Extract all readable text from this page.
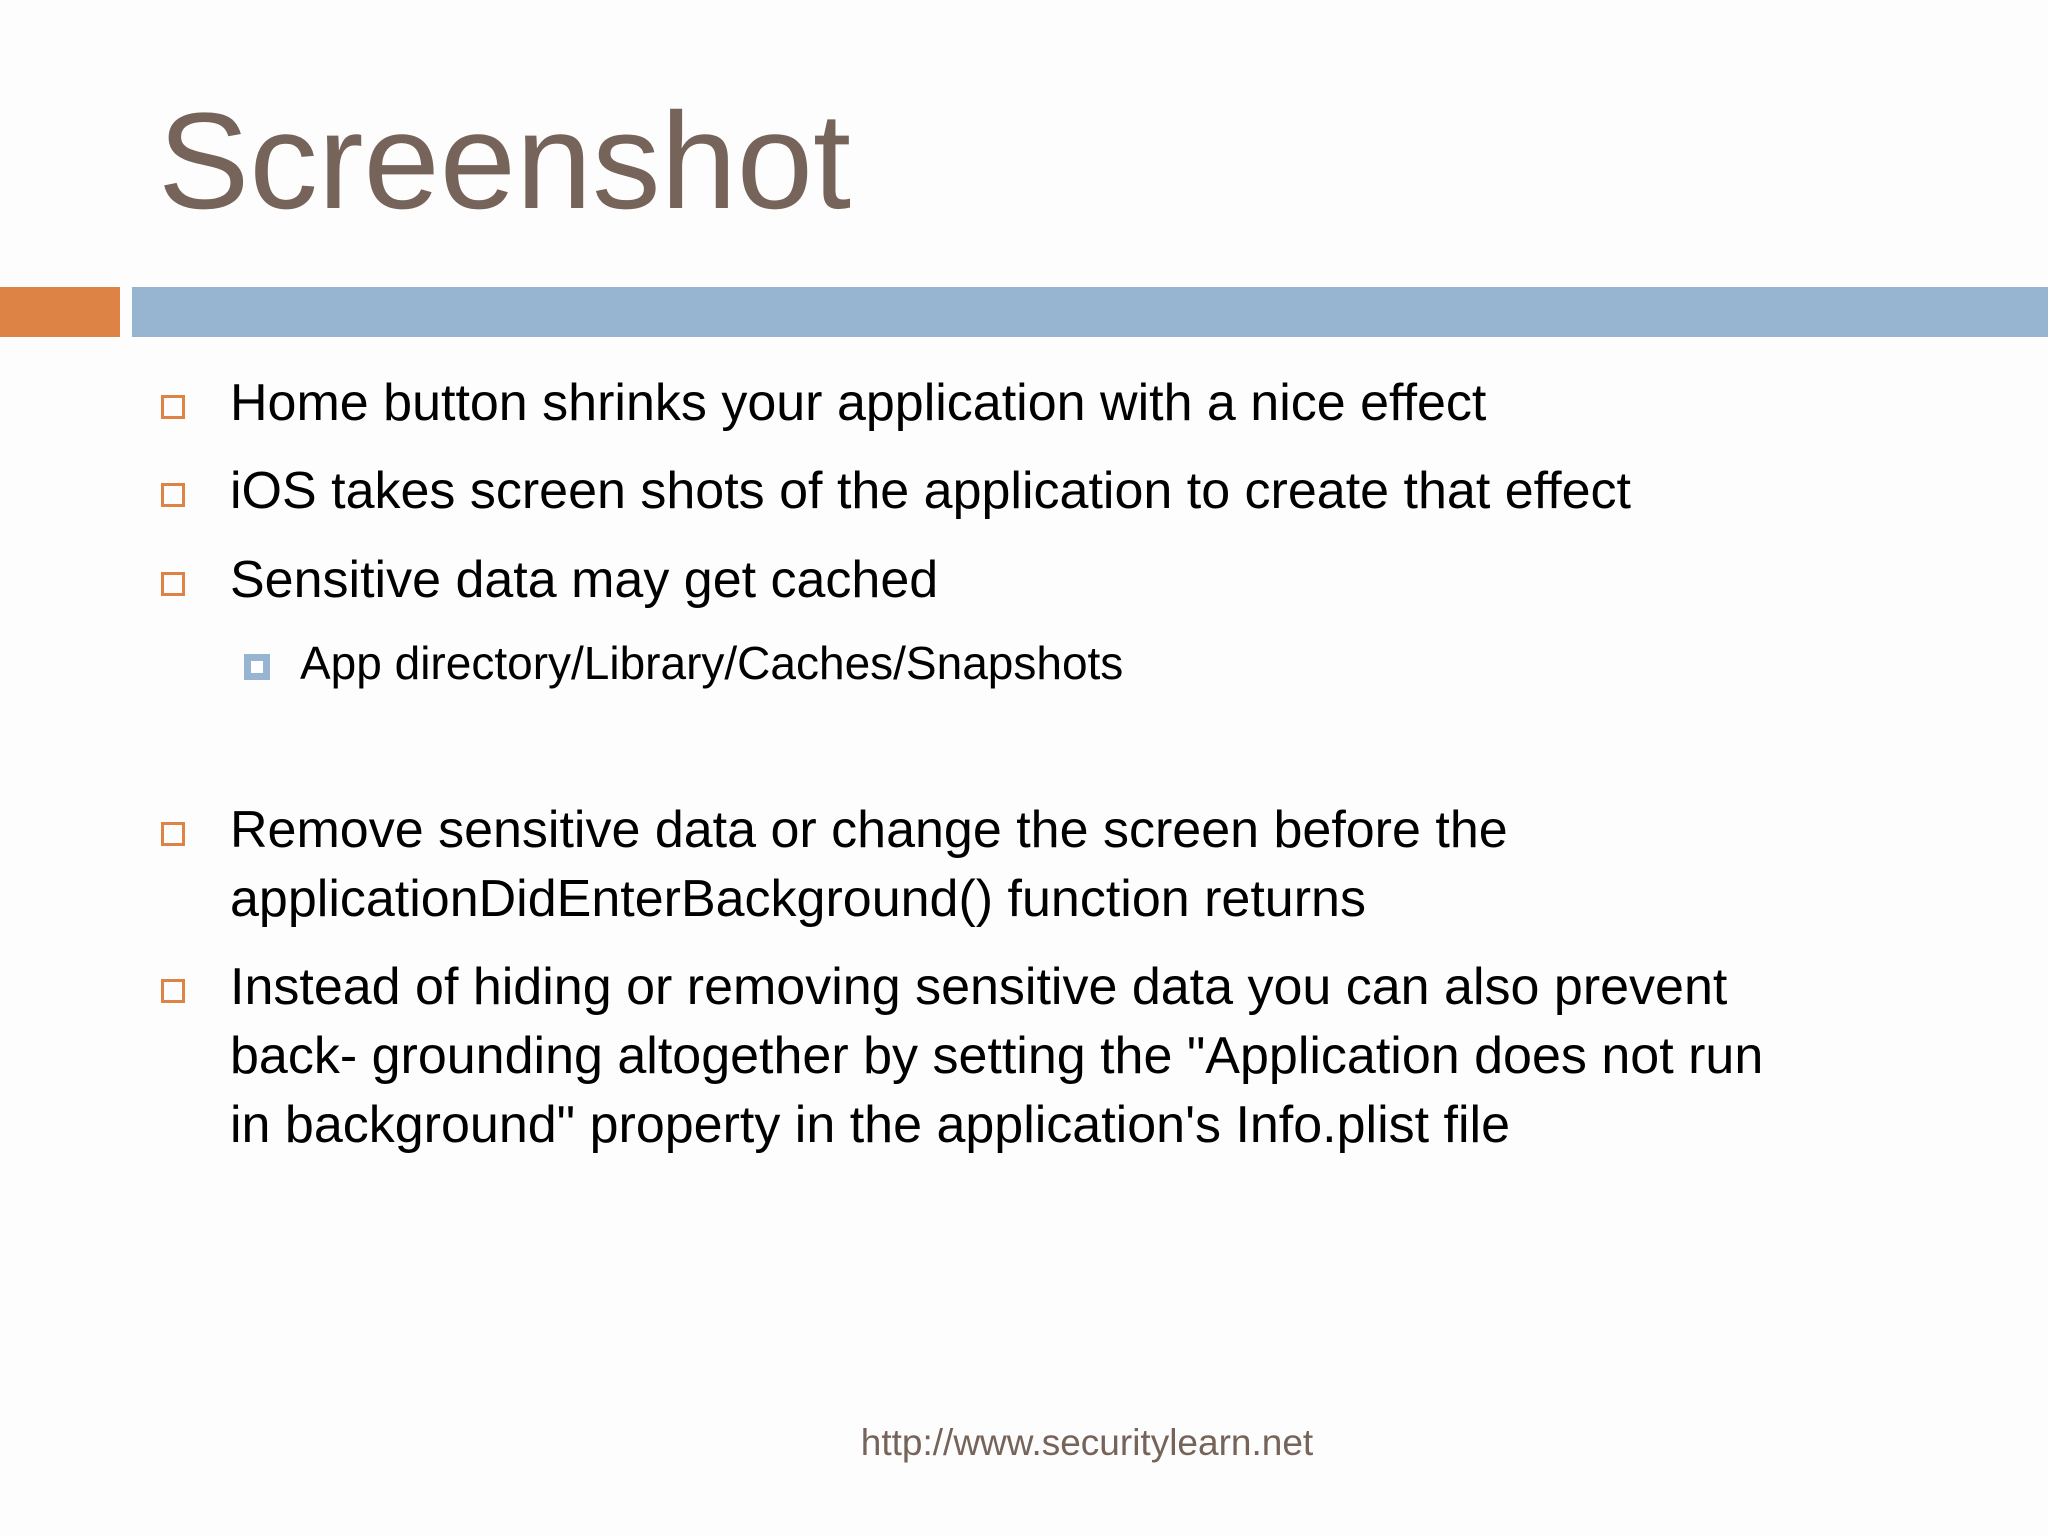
Screenshot
Home button shrinks your application with a nice effect
iOS takes screen shots of the application to create that effect
Sensitive data may get cached
App directory/Library/Caches/Snapshots
Remove sensitive data or change the screen before the
applicationDidEnterBackground() function returns
Instead of hiding or removing sensitive data you can also prevent
back- grounding altogether by setting the "Application does not run
in background" property in the application's Info.plist file
http://www.securitylearn.net
